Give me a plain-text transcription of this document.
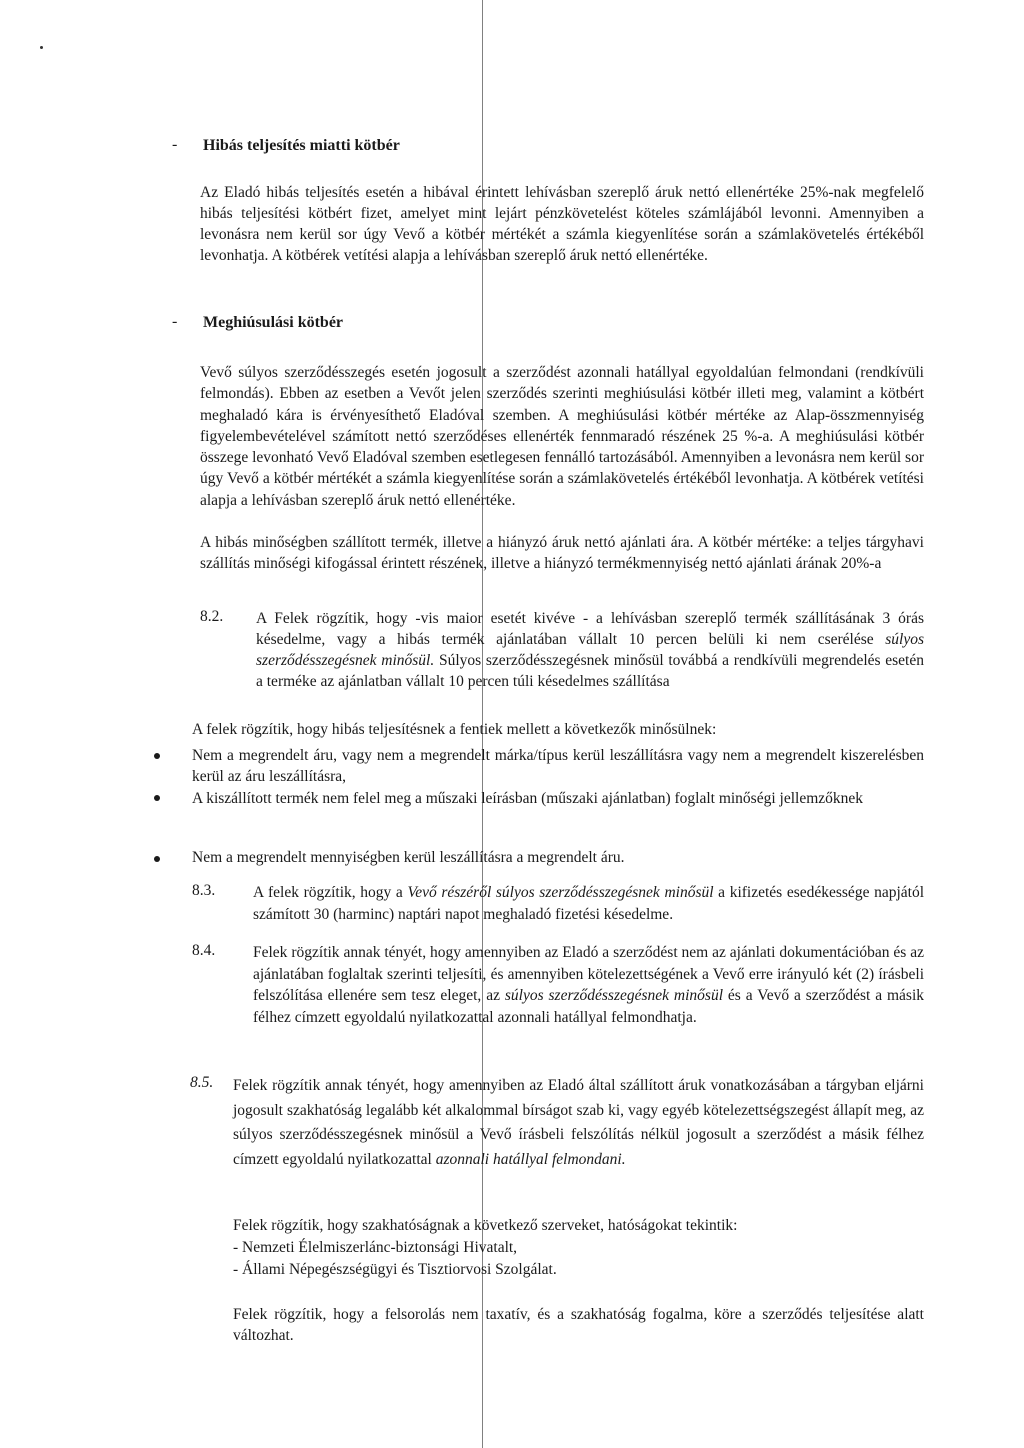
- Hibás teljesítés miatti kötbér

Az Eladó hibás teljesítés esetén a hibával érintett lehívásban szereplő áruk nettó ellenértéke 25%-nak megfelelő hibás teljesítési kötbért fizet, amelyet mint lejárt pénzkövetelést köteles számlájából levonni. Amennyiben a levonásra nem kerül sor úgy Vevő a kötbér mértékét a számla kiegyenlítése során a számlakövetelés értékéből levonhatja. A kötbérek vetítési alapja a lehívásban szereplő áruk nettó ellenértéke.

- Meghiúsulási kötbér

Vevő súlyos szerződésszegés esetén jogosult a szerződést azonnali hatállyal egyoldalúan felmondani (rendkívüli felmondás). Ebben az esetben a Vevőt jelen szerződés szerinti meghiúsulási kötbér illeti meg, valamint a kötbért meghaladó kára is érvényesíthető Eladóval szemben. A meghiúsulási kötbér mértéke az Alap-összmennyiség figyelembevételével számított nettó szerződéses ellenérték fennmaradó részének 25 %-a. A meghiúsulási kötbér összege levonható Vevő Eladóval szemben esetlegesen fennálló tartozásából. Amennyiben a levonásra nem kerül sor úgy Vevő a kötbér mértékét a számla kiegyenlítése során a számlakövetelés értékéből levonhatja. A kötbérek vetítési alapja a lehívásban szereplő áruk nettó ellenértéke.

A hibás minőségben szállított termék, illetve a hiányzó áruk nettó ajánlati ára. A kötbér mértéke: a teljes tárgyhavi szállítás minőségi kifogással érintett részének, illetve a hiányzó termékmennyiség nettó ajánlati árának 20%-a

8.2. A Felek rögzítik, hogy -vis maior esetét kivéve - a lehívásban szereplő termék szállításának 3 órás késedelme, vagy a hibás termék ajánlatában vállalt 10 percen belüli ki nem cserélése súlyos szerződésszegésnek minősül. Súlyos szerződésszegésnek minősül továbbá a rendkívüli megrendelés esetén a terméke az ajánlatban vállalt 10 percen túli késedelmes szállítása

A felek rögzítik, hogy hibás teljesítésnek a fentiek mellett a következők minősülnek:

Nem a megrendelt áru, vagy nem a megrendelt márka/típus kerül leszállításra vagy nem a megrendelt kiszerelésben kerül az áru leszállításra,

A kiszállított termék nem felel meg a műszaki leírásban (műszaki ajánlatban) foglalt minőségi jellemzőknek

Nem a megrendelt mennyiségben kerül leszállításra a megrendelt áru.

8.3. A felek rögzítik, hogy a Vevő részéről súlyos szerződésszegésnek minősül a kifizetés esedékessége napjától számított 30 (harminc) naptári napot meghaladó fizetési késedelme.

8.4. Felek rögzítik annak tényét, hogy amennyiben az Eladó a szerződést nem az ajánlati dokumentációban és az ajánlatában foglaltak szerinti teljesíti, és amennyiben kötelezettségének a Vevő erre irányuló két (2) írásbeli felszólítása ellenére sem tesz eleget, az súlyos szerződésszegésnek minősül és a Vevő a szerződést a másik félhez címzett egyoldalú nyilatkozattal azonnali hatállyal felmondhatja.

8.5. Felek rögzítik annak tényét, hogy amennyiben az Eladó által szállított áruk vonatkozásában a tárgyban eljárni jogosult szakhatóság legalább két alkalommal bírságot szab ki, vagy egyéb kötelezettségszegést állapít meg, az súlyos szerződésszegésnek minősül a Vevő írásbeli felszólítás nélkül jogosult a szerződést a másik félhez címzett egyoldalú nyilatkozattal azonnali hatállyal felmondani.

Felek rögzítik, hogy szakhatóságnak a következő szerveket, hatóságokat tekintik:

- Nemzeti Élelmiszerlánc-biztonsági Hivatalt,

- Állami Népegészségügyi és Tisztiorvosi Szolgálat.

Felek rögzítik, hogy a felsorolás nem taxatív, és a szakhatóság fogalma, köre a szerződés teljesítése alatt változhat.
